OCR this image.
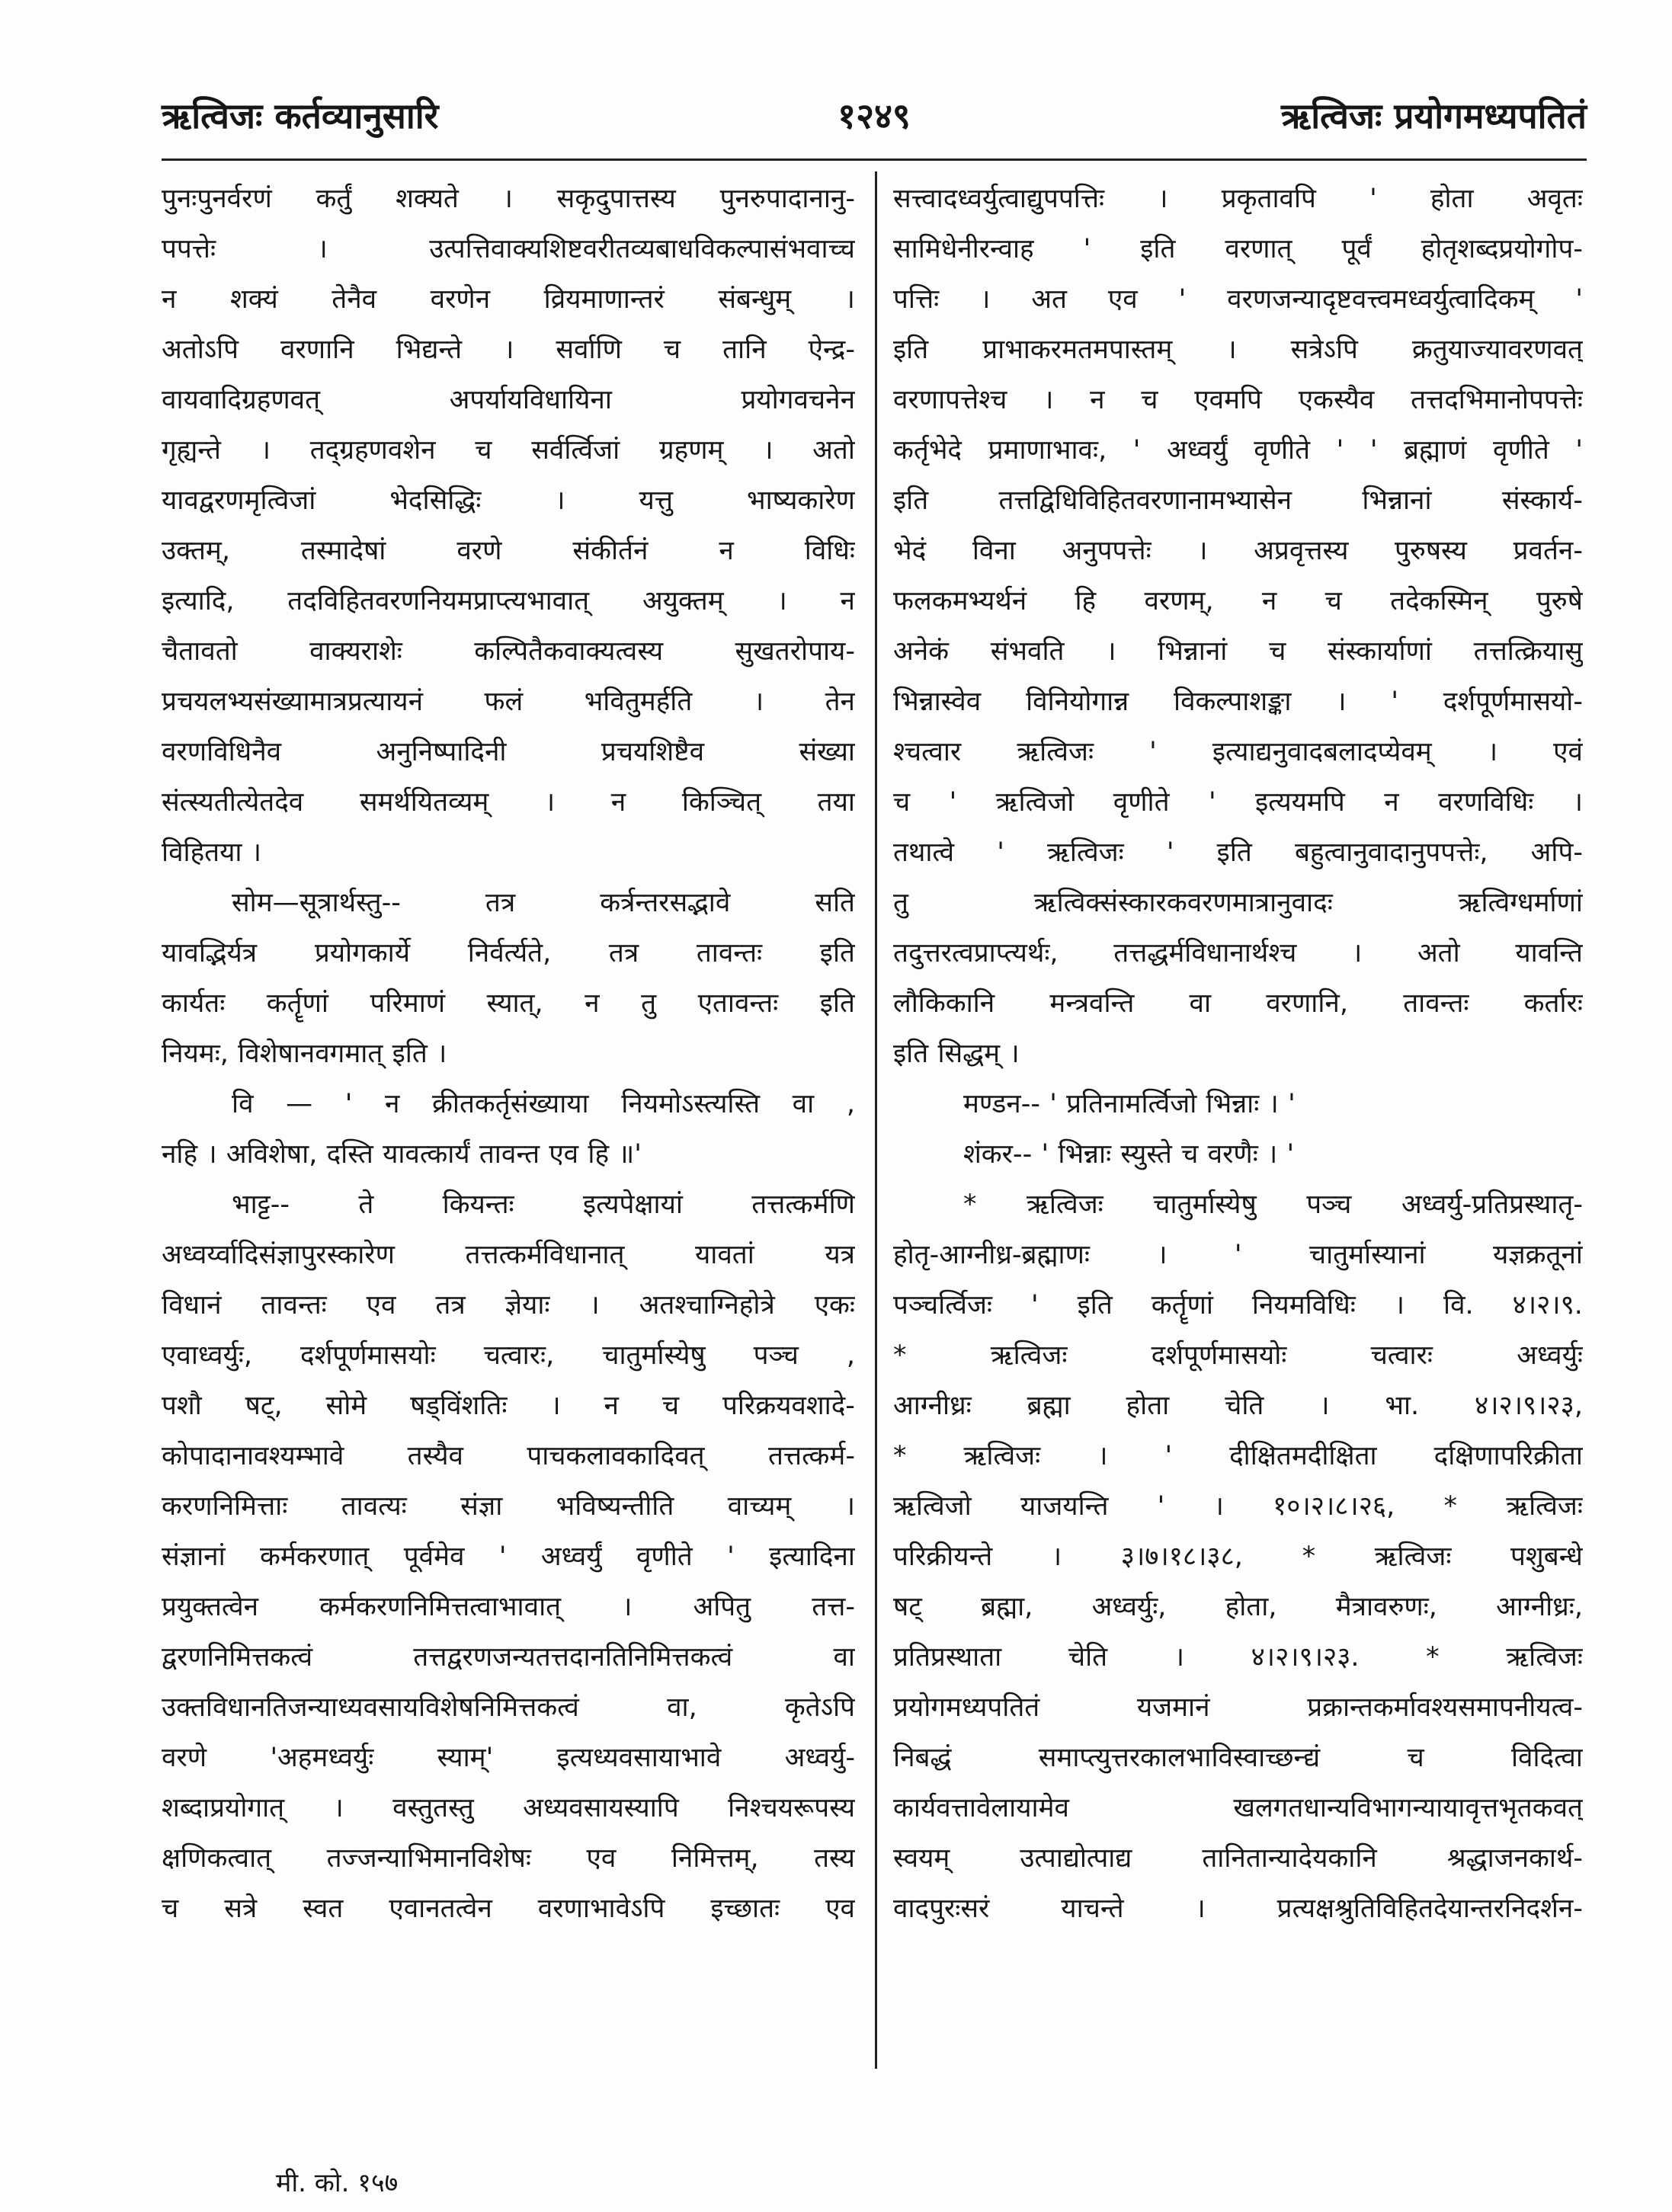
ऋत्विजः कर्तव्यानुसारि	१२४९	ऋत्विजः प्रयोगमध्यपतितं
पुनःपुनर्वरणं कर्तुं शक्यते । सकृदुपात्तस्य पुनरुपादानानु-
पपत्तेः	।	उत्पत्तिवाक्यशिष्टवरीतव्यबाधविकल्पासंभवाच्च
न शक्यं तेनैव वरणेन व्रियमाणान्तरं संबन्धुम् ।
अतोऽपि वरणानि भिद्यन्ते । सर्वाणि च तानि ऐन्द्र-
वायवादिग्रहणवत्	अपर्यायविधायिना	प्रयोगवचनेन
गृह्यन्ते । तद्ग्रहणवशेन च सर्वर्त्विजां ग्रहणम् । अतो
यावद्वरणमृत्विजां	भेदसिद्धिः	।	यत्तु	भाष्यकारेण
उक्तम्,	तस्मादेषां	वरणे	संकीर्तनं	न	विधिः
इत्यादि, तदविहितवरणनियमप्राप्त्यभावात् अयुक्तम् । न
चैतावतो	वाक्यराशेः	कल्पितैकवाक्यत्वस्य	सुखतरोपाय-
प्रचयलभ्यसंख्यामात्रप्रत्यायनं फलं भवितुमर्हति । तेन
वरणविधिनैव	अनुनिष्पादिनी	प्रचयशिष्टैव	संख्या
संत्स्यतीत्येतदेव समर्थयितव्यम् । न किञ्चित् तया
विहितया ।
सोम—सूत्रार्थस्तु--	तत्र	कर्त्रन्तरसद्भावे	सति
यावद्भिर्यत्र प्रयोगकार्ये निर्वर्त्यते, तत्र तावन्तः इति
कार्यतः कर्तॄणां परिमाणं स्यात्, न तु एतावन्तः इति
नियमः, विशेषानवगमात् इति ।
वि — ' न क्रीतकर्तृसंख्याया नियमोऽस्त्यस्ति वा ,
नहि । अविशेषा, दस्ति यावत्कार्यं तावन्त एव हि ॥'
भाट्ट--	ते	कियन्तः	इत्यपेक्षायां	तत्तत्कर्मणि
अध्वर्य्वादिसंज्ञापुरस्कारेण	तत्तत्कर्मविधानात्	यावतां	यत्र
विधानं तावन्तः एव तत्र ज्ञेयाः । अतश्चाग्निहोत्रे एकः
एवाध्वर्युः, दर्शपूर्णमासयोः चत्वारः, चातुर्मास्येषु पञ्च ,
पशौ षट्, सोमे षड्विंशतिः । न च परिक्रयवशादे-
कोपादानावश्यम्भावे तस्यैव पाचकलावकादिवत् तत्तत्कर्म-
करणनिमित्ताः तावत्यः संज्ञा भविष्यन्तीति वाच्यम् ।
संज्ञानां कर्मकरणात् पूर्वमेव ' अध्वर्युं वृणीते ' इत्यादिना
प्रयुक्तत्वेन कर्मकरणनिमित्तत्वाभावात् । अपितु तत्त-
द्वरणनिमित्तकत्वं	तत्तद्वरणजन्यतत्तदानतिनिमित्तकत्वं	वा
उक्तविधानतिजन्याध्यवसायविशेषनिमित्तकत्वं	वा,	कृतेऽपि
वरणे 'अहमध्वर्युः स्याम्' इत्यध्यवसायाभावे अध्वर्यु-
शब्दाप्रयोगात् । वस्तुतस्तु अध्यवसायस्यापि निश्चयरूपस्य
क्षणिकत्वात् तज्जन्याभिमानविशेषः एव निमित्तम्, तस्य
च सत्रे स्वत एवानतत्वेन वरणाभावेऽपि इच्छातः एव
सत्त्वादध्वर्युत्वाद्युपपत्तिः । प्रकृतावपि ' होता अवृतः
सामिधेनीरन्वाह ' इति वरणात् पूर्वं होतृशब्दप्रयोगोप-
पत्तिः । अत एव ' वरणजन्यादृष्टवत्त्वमध्वर्युत्वादिकम् '
इति प्राभाकरमतमपास्तम् । सत्रेऽपि क्रतुयाज्यावरणवत्
वरणापत्तेश्च । न च एवमपि एकस्यैव तत्तदभिमानोपपत्तेः
कर्तृभेदे प्रमाणाभावः, ' अध्वर्युं वृणीते ' ' ब्रह्माणं वृणीते '
इति	तत्तद्विधिविहितवरणानामभ्यासेन	भिन्नानां	संस्कार्य-
भेदं विना अनुपपत्तेः । अप्रवृत्तस्य पुरुषस्य प्रवर्तन-
फलकमभ्यर्थनं हि वरणम्, न च तदेकस्मिन् पुरुषे
अनेकं संभवति । भिन्नानां च संस्कार्याणां तत्तत्क्रियासु
भिन्नास्वेव विनियोगान्न विकल्पाशङ्का । ' दर्शपूर्णमासयो-
श्चत्वार ऋत्विजः ' इत्याद्यनुवादबलादप्येवम् । एवं
च ' ऋत्विजो वृणीते ' इत्ययमपि न वरणविधिः ।
तथात्वे ' ऋत्विजः ' इति बहुत्वानुवादानुपपत्तेः, अपि-
तु	ऋत्विक्संस्कारकवरणमात्रानुवादः	ऋत्विग्धर्माणां
तदुत्तरत्वप्राप्त्यर्थः, तत्तद्धर्मविधानार्थश्च । अतो यावन्ति
लौकिकानि मन्त्रवन्ति वा वरणानि, तावन्तः कर्तारः
इति सिद्धम् ।
मण्डन-- ' प्रतिनामर्त्विजो भिन्नाः । '
शंकर-- ' भिन्नाः स्युस्ते च वरणैः । '
* ऋत्विजः चातुर्मास्येषु पञ्च अध्वर्यु-प्रतिप्रस्थातृ-
होतृ-आग्नीध्र-ब्रह्माणः	।	'	चातुर्मास्यानां	यज्ञक्रतूनां
पञ्चर्त्विजः ' इति कर्तॄणां नियमविधिः । वि. ४।२।९.
*	ऋत्विजः	दर्शपूर्णमासयोः	चत्वारः	अध्वर्युः
आग्नीध्रः ब्रह्मा होता चेति । भा. ४।२।९।२३,
* ऋत्विजः । ' दीक्षितमदीक्षिता दक्षिणापरिक्रीता
ऋत्विजो याजयन्ति ' । १०।२।८।२६, * ऋत्विजः
परिक्रीयन्ते । ३।७।१८।३८, * ऋत्विजः पशुबन्धे
षट् ब्रह्मा, अध्वर्युः, होता, मैत्रावरुणः, आग्नीध्रः,
प्रतिप्रस्थाता	चेति	।	४।२।९।२३.	*	ऋत्विजः
प्रयोगमध्यपतितं	यजमानं	प्रक्रान्तकर्मावश्यसमापनीयत्व-
निबद्धं	समाप्त्युत्तरकालभाविस्वाच्छन्द्यं	च	विदित्वा
कार्यवत्तावेलायामेव	खलगतधान्यविभागन्यायावृत्तभृतकवत्
स्वयम्	उत्पाद्योत्पाद्य	तानितान्यादेयकानि	श्रद्धाजनकार्थ-
वादपुरःसरं	याचन्ते	।	प्रत्यक्षश्रुतिविहितदेयान्तरनिदर्शन-
मी. को. १५७
